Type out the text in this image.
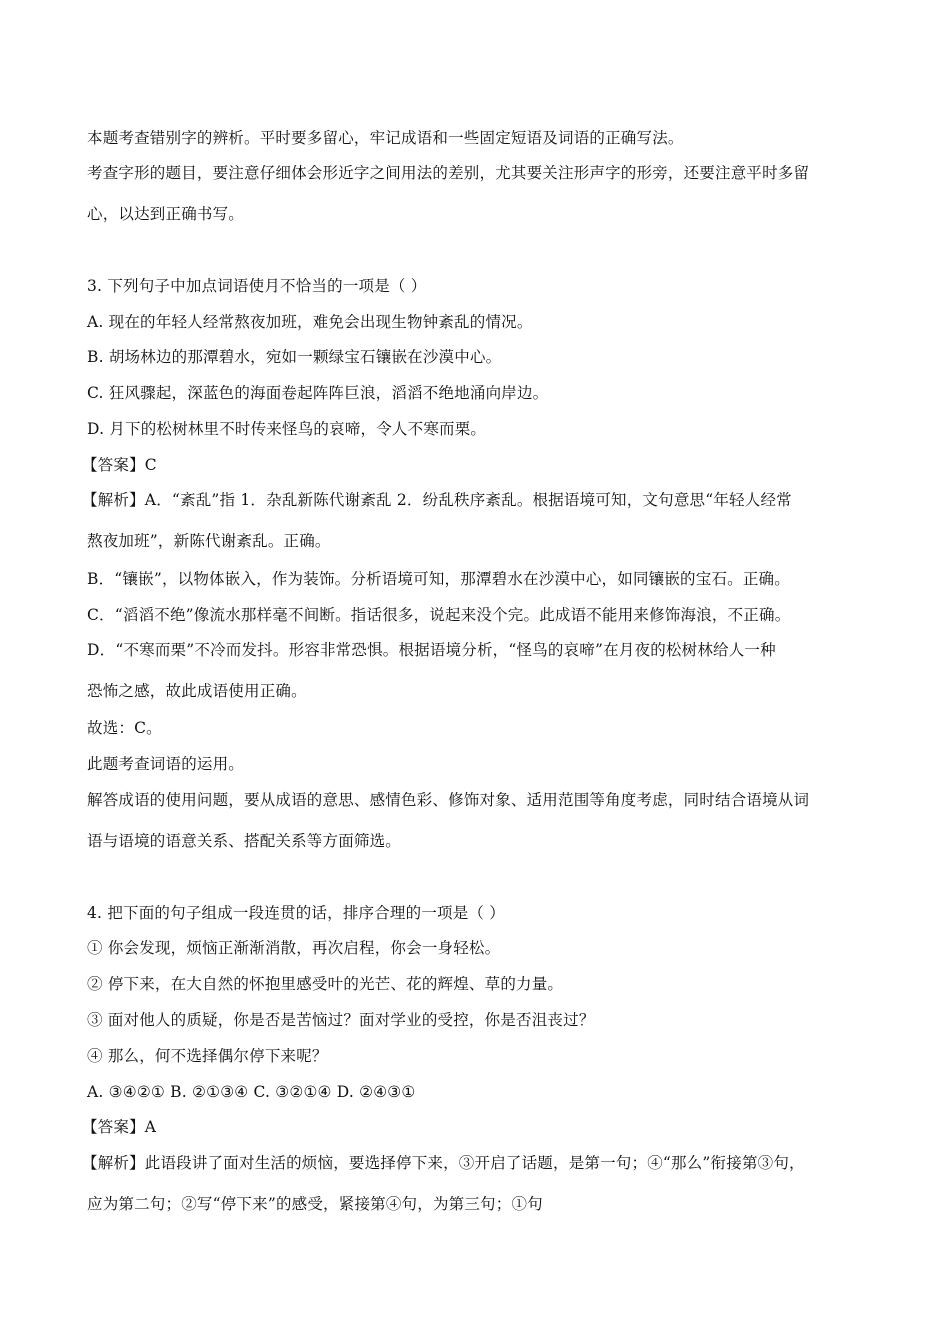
本题考查错别字的辨析。平时要多留心，牢记成语和一些固定短语及词语的正确写法。
考查字形的题目，要注意仔细体会形近字之间用法的差别，尤其要关注形声字的形旁，还要注意平时多留
心，以达到正确书写。
3. 下列句子中加点词语使月不恰当的一项是（ ）
A. 现在的年轻人经常熬夜加班，难免会出现生物钟紊乱的情况。
B. 胡场林边的那潭碧水，宛如一颗绿宝石镶嵌在沙漠中心。
C. 狂风骤起，深蓝色的海面卷起阵阵巨浪，滔滔不绝地涌向岸边。
D. 月下的松树林里不时传来怪鸟的哀啼，令人不寒而栗。
【答案】C
【解析】A．“紊乱”指 1．杂乱新陈代谢紊乱 2．纷乱秩序紊乱。根据语境可知，文句意思“年轻人经常
熬夜加班”，新陈代谢紊乱。正确。
B．“镶嵌”，以物体嵌入，作为装饰。分析语境可知，那潭碧水在沙漠中心，如同镶嵌的宝石。正确。
C．“滔滔不绝”像流水那样毫不间断。指话很多，说起来没个完。此成语不能用来修饰海浪，不正确。
D．“不寒而栗”不冷而发抖。形容非常恐惧。根据语境分析，“怪鸟的哀啼”在月夜的松树林给人一种
恐怖之感，故此成语使用正确。
故选：C。
此题考查词语的运用。
解答成语的使用问题，要从成语的意思、感情色彩、修饰对象、适用范围等角度考虑，同时结合语境从词
语与语境的语意关系、搭配关系等方面筛选。
4. 把下面的句子组成一段连贯的话，排序合理的一项是（ ）
① 你会发现，烦恼正渐渐消散，再次启程，你会一身轻松。
② 停下来，在大自然的怀抱里感受叶的光芒、花的辉煌、草的力量。
③ 面对他人的质疑，你是否是苦恼过？面对学业的受控，你是否沮丧过？
④ 那么，何不选择偶尔停下来呢？
A. ③④②① B. ②①③④ C. ③②①④ D. ②④③①
【答案】A
【解析】此语段讲了面对生活的烦恼，要选择停下来，③开启了话题，是第一句；④“那么”衔接第③句，
应为第二句；②写“停下来”的感受，紧接第④句，为第三句；①句
